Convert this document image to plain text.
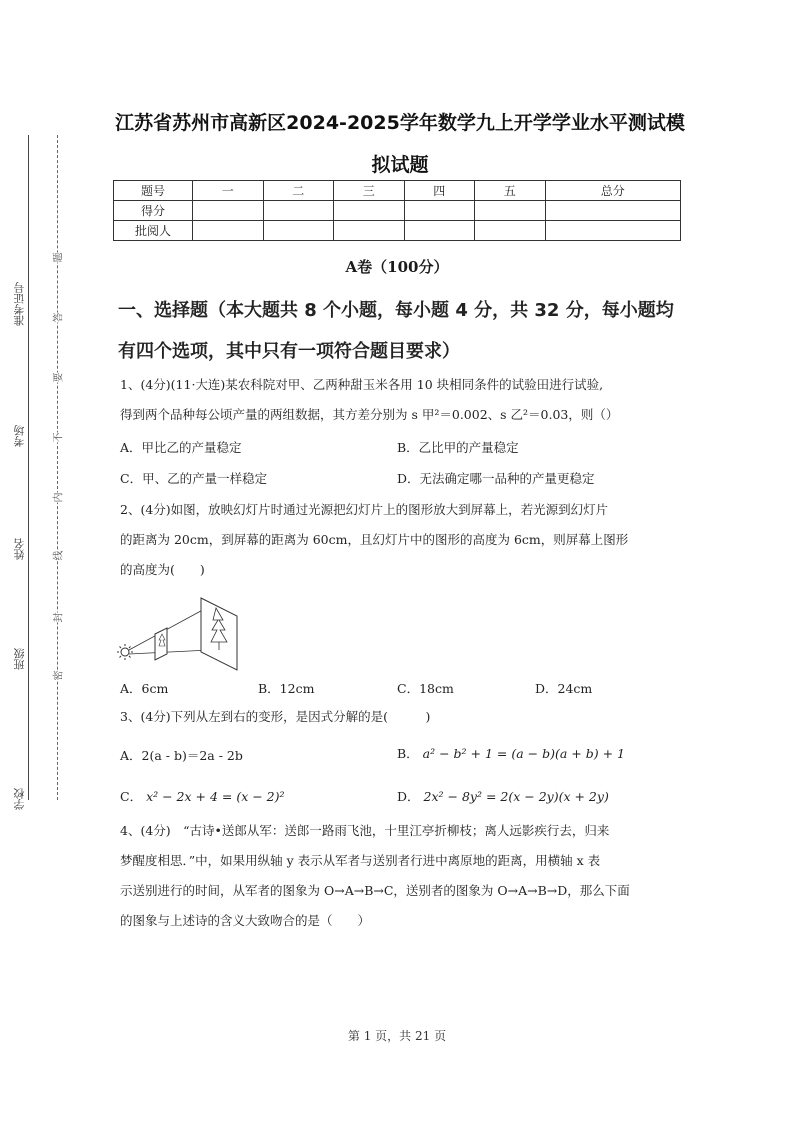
准考证号
考场
姓名
班级
学校
题
答
要
不
内
线
封
密
江苏省苏州市高新区2024-2025学年数学九上开学学业水平测试模
拟试题
题号	一	二	三	四	五	总分
得分						
批阅人						
A卷（100分）
一、选择题（本大题共 8 个小题，每小题 4 分，共 32 分，每小题均
有四个选项，其中只有一项符合题目要求）
1、(4分)(11·大连)某农科院对甲、乙两种甜玉米各用 10 块相同条件的试验田进行试验,
得到两个品种每公顷产量的两组数据，其方差分别为 s 甲²＝0.002、s 乙²＝0.03，则（）
A．甲比乙的产量稳定	B．乙比甲的产量稳定
C．甲、乙的产量一样稳定	D．无法确定哪一品种的产量更稳定
2、(4分)如图，放映幻灯片时通过光源把幻灯片上的图形放大到屏幕上，若光源到幻灯片
的距离为 20cm，到屏幕的距离为 60cm，且幻灯片中的图形的高度为 6cm，则屏幕上图形
的高度为(　　)
A．6cm	B．12cm	C．18cm	D．24cm
3、(4分)下列从左到右的变形，是因式分解的是(　　　)
A．2(a - b)＝2a - 2b	B． a² − b² + 1 = (a − b)(a + b) + 1
C． x² − 2x + 4 = (x − 2)²	D． 2x² − 8y² = 2(x − 2y)(x + 2y)
4、(4分)　“古诗•送郎从军：送郎一路雨飞池，十里江亭折柳枝；离人远影疾行去，归来
梦醒度相思．”中，如果用纵轴 y 表示从军者与送别者行进中离原地的距离，用横轴 x 表
示送别进行的时间，从军者的图象为 O→A→B→C，送别者的图象为 O→A→B→D，那么下面
的图象与上述诗的含义大致吻合的是（　　）
第 1 页，共 21 页
